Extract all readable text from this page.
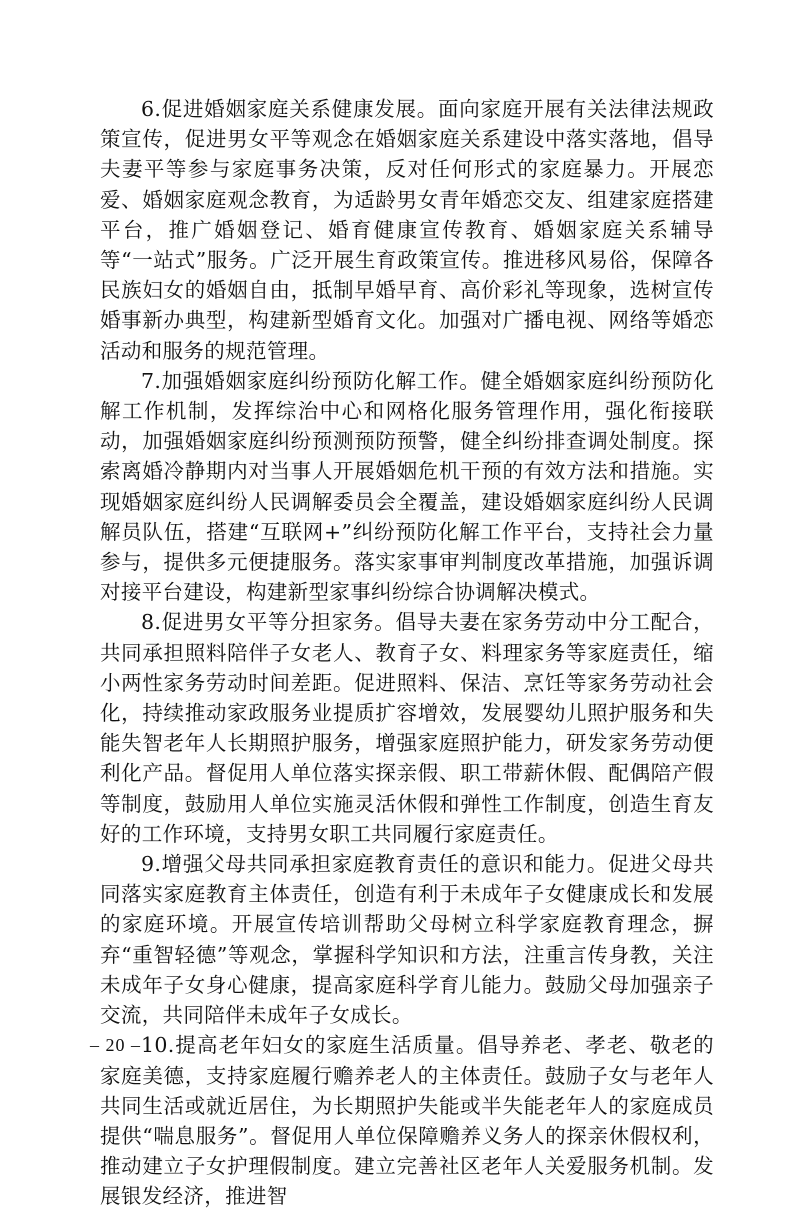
6.促进婚姻家庭关系健康发展。面向家庭开展有关法律法规政策宣传，促进男女平等观念在婚姻家庭关系建设中落实落地，倡导夫妻平等参与家庭事务决策，反对任何形式的家庭暴力。开展恋爱、婚姻家庭观念教育，为适龄男女青年婚恋交友、组建家庭搭建平台，推广婚姻登记、婚育健康宣传教育、婚姻家庭关系辅导等“一站式”服务。广泛开展生育政策宣传。推进移风易俗，保障各民族妇女的婚姻自由，抵制早婚早育、高价彩礼等现象，选树宣传婚事新办典型，构建新型婚育文化。加强对广播电视、网络等婚恋活动和服务的规范管理。

7.加强婚姻家庭纠纷预防化解工作。健全婚姻家庭纠纷预防化解工作机制，发挥综治中心和网格化服务管理作用，强化衔接联动，加强婚姻家庭纠纷预测预防预警，健全纠纷排查调处制度。探索离婚冷静期内对当事人开展婚姻危机干预的有效方法和措施。实现婚姻家庭纠纷人民调解委员会全覆盖，建设婚姻家庭纠纷人民调解员队伍，搭建“互联网+”纠纷预防化解工作平台，支持社会力量参与，提供多元便捷服务。落实家事审判制度改革措施，加强诉调对接平台建设，构建新型家事纠纷综合协调解决模式。

8.促进男女平等分担家务。倡导夫妻在家务劳动中分工配合，共同承担照料陪伴子女老人、教育子女、料理家务等家庭责任，缩小两性家务劳动时间差距。促进照料、保洁、烹饪等家务劳动社会化，持续推动家政服务业提质扩容增效，发展婴幼儿照护服务和失能失智老年人长期照护服务，增强家庭照护能力，研发家务劳动便利化产品。督促用人单位落实探亲假、职工带薪休假、配偶陪产假等制度，鼓励用人单位实施灵活休假和弹性工作制度，创造生育友好的工作环境，支持男女职工共同履行家庭责任。

9.增强父母共同承担家庭教育责任的意识和能力。促进父母共同落实家庭教育主体责任，创造有利于未成年子女健康成长和发展的家庭环境。开展宣传培训帮助父母树立科学家庭教育理念，摒弃“重智轻德”等观念，掌握科学知识和方法，注重言传身教，关注未成年子女身心健康，提高家庭科学育儿能力。鼓励父母加强亲子交流，共同陪伴未成年子女成长。

10.提高老年妇女的家庭生活质量。倡导养老、孝老、敬老的家庭美德，支持家庭履行赡养老人的主体责任。鼓励子女与老年人共同生活或就近居住，为长期照护失能或半失能老年人的家庭成员提供“喘息服务”。督促用人单位保障赡养义务人的探亲休假权利，推动建立子女护理假制度。建立完善社区老年人关爱服务机制。发展银发经济，推进智

– 20 –
